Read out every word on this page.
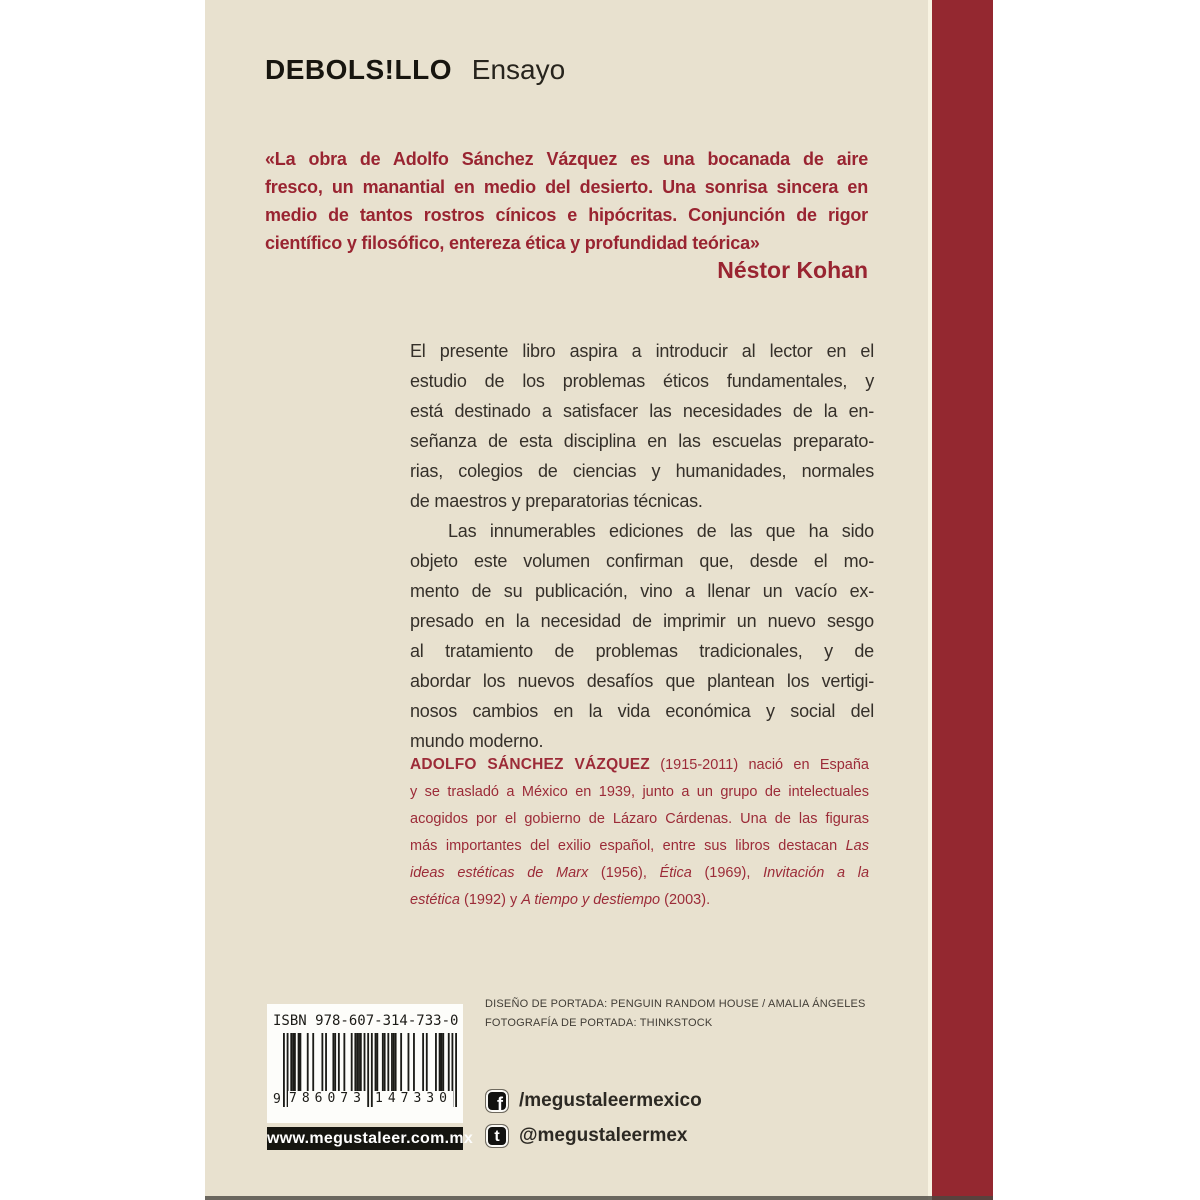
DEBOLS!LLO Ensayo
«La obra de Adolfo Sánchez Vázquez es una bocanada de aire
fresco, un manantial en medio del desierto. Una sonrisa sincera en
medio de tantos rostros cínicos e hipócritas. Conjunción de rigor
científico y filosófico, entereza ética y profundidad teórica»
Néstor Kohan
El presente libro aspira a introducir al lector en el
estudio de los problemas éticos fundamentales, y
está destinado a satisfacer las necesidades de la en-
señanza de esta disciplina en las escuelas preparato-
rias, colegios de ciencias y humanidades, normales
de maestros y preparatorias técnicas.
Las innumerables ediciones de las que ha sido
objeto este volumen confirman que, desde el mo-
mento de su publicación, vino a llenar un vacío ex-
presado en la necesidad de imprimir un nuevo sesgo
al tratamiento de problemas tradicionales, y de
abordar los nuevos desafíos que plantean los vertigi-
nosos cambios en la vida económica y social del
mundo moderno.
ADOLFO SÁNCHEZ VÁZQUEZ (1915-2011) nació en España
y se trasladó a México en 1939, junto a un grupo de intelectuales
acogidos por el gobierno de Lázaro Cárdenas. Una de las figuras
más importantes del exilio español, entre sus libros destacan Las
ideas estéticas de Marx (1956), Ética (1969), Invitación a la
estética (1992) y A tiempo y destiempo (2003).
ISBN 978-607-314-733-0
9 786073 147330
www.megustaleer.com.mx
DISEÑO DE PORTADA: PENGUIN RANDOM HOUSE / AMALIA ÁNGELES
FOTOGRAFÍA DE PORTADA: THINKSTOCK
f /megustaleermexico
t @megustaleermex
